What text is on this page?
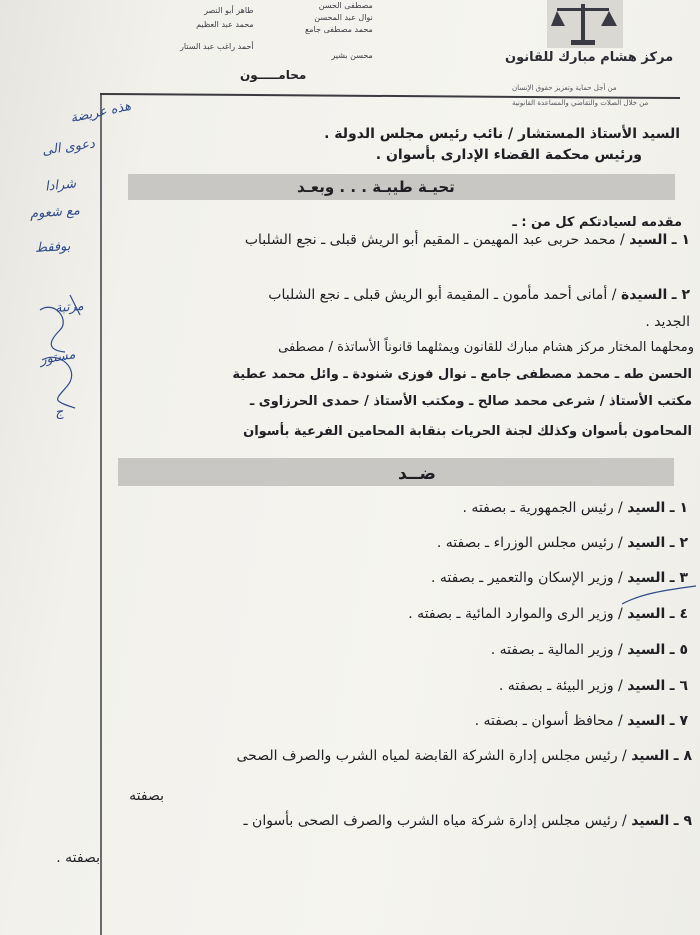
طاهر أبو النصر
محمد عبد العظيم
أحمد راغب عبد الستار
مصطفى الحسن
نوال عبد المحسن
محمد مصطفى جامع
محسن بشير
محامـــــون
مركز هشام مبارك للقانون
من أجل حماية وتعزيز حقوق الإنسان
من خلال الصلات والتقاضي والمساعدة القانونية
السيد الأستاذ المستشار / نائب رئيس مجلس الدولة .
ورئيس محكمة القضاء الإدارى بأسوان .
تحيـة طيبـة . . . وبعـد
مقدمه لسيادتكم كل من : ـ
١ ـ السيد / محمد حربى عبد المهيمن ـ المقيم أبو الريش قبلى ـ نجع الشلباب
٢ ـ السيدة / أمانى أحمد مأمون ـ المقيمة أبو الريش قبلى ـ نجع الشلباب
الجديد .
ومحلهما المختار مركز هشام مبارك للقانون ويمثلهما قانوناً الأساتذة / مصطفى
الحسن طه ـ محمد مصطفى جامع ـ نوال فوزى شنودة ـ وائل محمد عطية
مكتب الأستاذ / شرعى محمد صالح ـ ومكتب الأستاذ / حمدى الحرزاوى ـ
المحامون بأسوان وكذلك لجنة الحريات بنقابة المحامين الفرعية بأسوان
ضــد
١ ـ السيد / رئيس الجمهورية ـ بصفته .
٢ ـ السيد / رئيس مجلس الوزراء ـ بصفته .
٣ ـ السيد / وزير الإسكان والتعمير ـ بصفته .
٤ ـ السيد / وزير الرى والموارد المائية ـ بصفته .
٥ ـ السيد / وزير المالية ـ بصفته .
٦ ـ السيد / وزير البيئة ـ بصفته .
٧ ـ السيد / محافظ أسوان ـ بصفته .
٨ ـ السيد / رئيس مجلس إدارة الشركة القابضة لمياه الشرب والصرف الصحى
٩ ـ السيد / رئيس مجلس إدارة شركة مياه الشرب والصرف الصحى بأسوان ـ
بصفته
بصفته .
هذه عريضة
دعوى الى
شرادا
مع شعوم
بوفقط
مرتبة
مستور
ج
